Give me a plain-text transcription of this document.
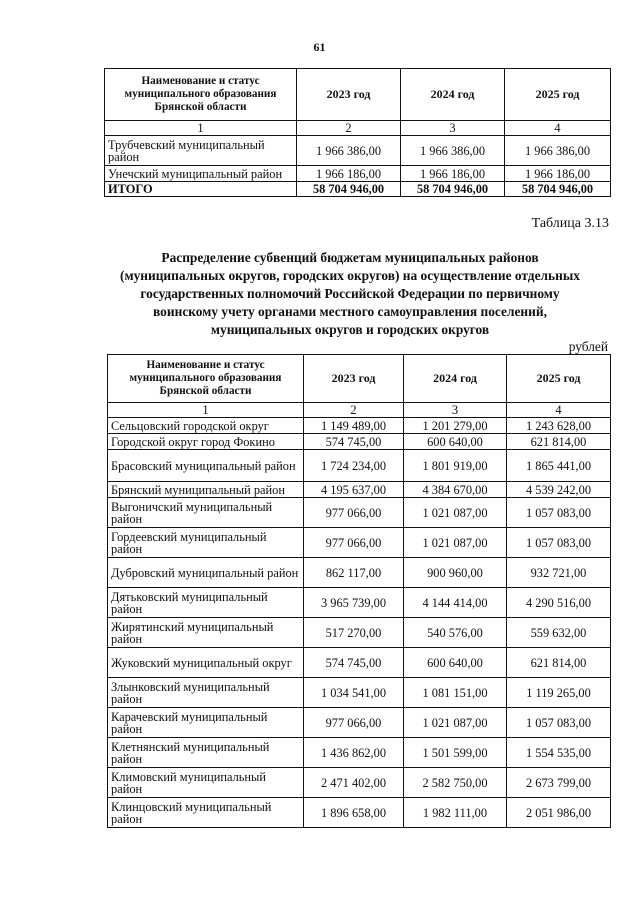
61
Наименование и статус муниципального образования Брянской области	2023 год	2024 год	2025 год
1	2	3	4
Трубчевский муниципальный район	1 966 386,00	1 966 386,00	1 966 386,00
Унечский муниципальный район	1 966 186,00	1 966 186,00	1 966 186,00
ИТОГО	58 704 946,00	58 704 946,00	58 704 946,00
Таблица 3.13
Распределение субвенций бюджетам муниципальных районов (муниципальных округов, городских округов) на осуществление отдельных государственных полномочий Российской Федерации по первичному воинскому учету органами местного самоуправления поселений, муниципальных округов и городских округов
рублей
Наименование и статус муниципального образования Брянской области	2023 год	2024 год	2025 год
1	2	3	4
Сельцовский городской округ	1 149 489,00	1 201 279,00	1 243 628,00
Городской округ город Фокино	574 745,00	600 640,00	621 814,00
Брасовский муниципальный район	1 724 234,00	1 801 919,00	1 865 441,00
Брянский муниципальный район	4 195 637,00	4 384 670,00	4 539 242,00
Выгоничский муниципальный район	977 066,00	1 021 087,00	1 057 083,00
Гордеевский муниципальный район	977 066,00	1 021 087,00	1 057 083,00
Дубровский муниципальный район	862 117,00	900 960,00	932 721,00
Дятьковский муниципальный район	3 965 739,00	4 144 414,00	4 290 516,00
Жирятинский муниципальный район	517 270,00	540 576,00	559 632,00
Жуковский муниципальный округ	574 745,00	600 640,00	621 814,00
Злынковский муниципальный район	1 034 541,00	1 081 151,00	1 119 265,00
Карачевский муниципальный район	977 066,00	1 021 087,00	1 057 083,00
Клетнянский муниципальный район	1 436 862,00	1 501 599,00	1 554 535,00
Климовский муниципальный район	2 471 402,00	2 582 750,00	2 673 799,00
Клинцовский муниципальный район	1 896 658,00	1 982 111,00	2 051 986,00
